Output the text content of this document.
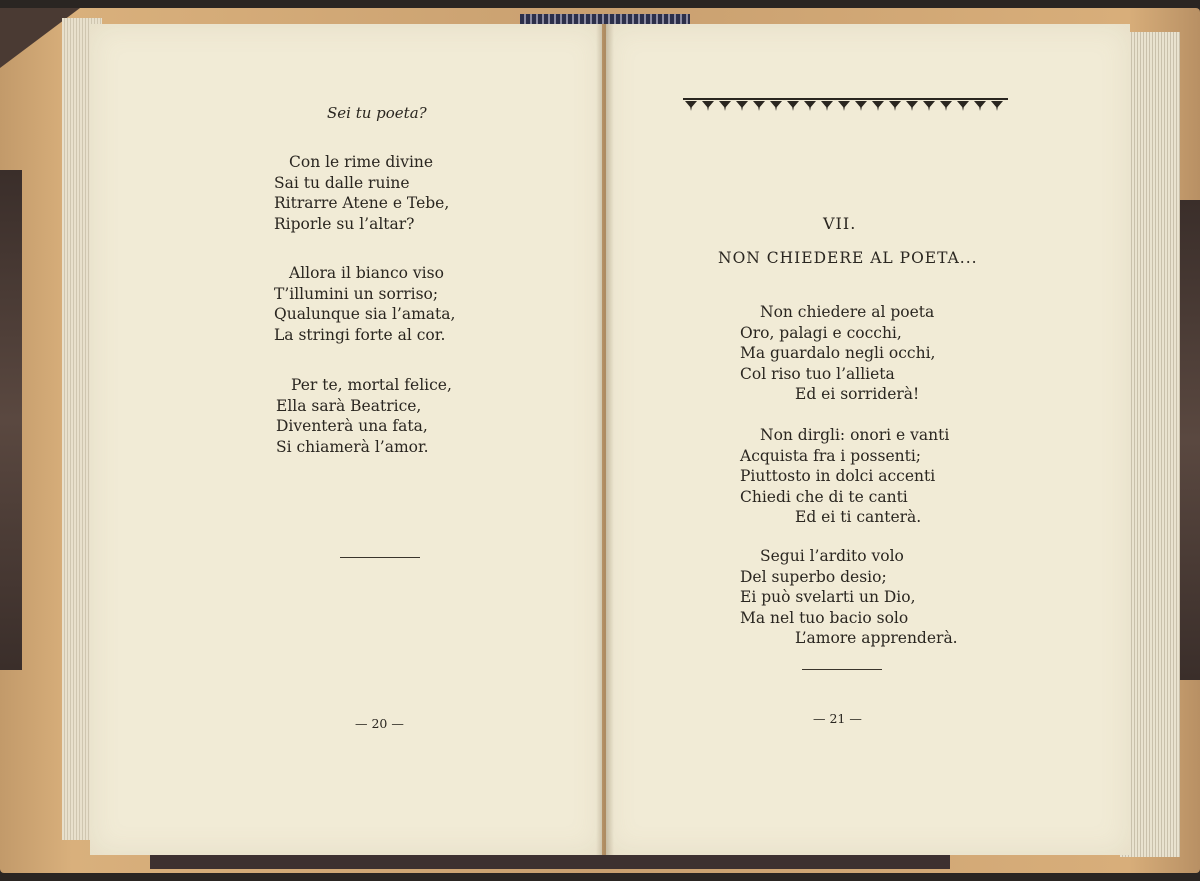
Sei tu poeta?
Con le rime divine
Sai tu dalle ruine
Ritrarre Atene e Tebe,
Riporle su l’altar?
Allora il bianco viso
T’illumini un sorriso;
Qualunque sia l’amata,
La stringi forte al cor.
Per te, mortal felice,
Ella sarà Beatrice,
Diventerà una fata,
Si chiamerà l’amor.
— 20 —
VII.
NON CHIEDERE AL POETA...
Non chiedere al poeta
Oro, palagi e cocchi,
Ma guardalo negli occhi,
Col riso tuo l’allieta
Ed ei sorriderà!
Non dirgli: onori e vanti
Acquista fra i possenti;
Piuttosto in dolci accenti
Chiedi che di te canti
Ed ei ti canterà.
Segui l’ardito volo
Del superbo desio;
Ei può svelarti un Dio,
Ma nel tuo bacio solo
L’amore apprenderà.
— 21 —
